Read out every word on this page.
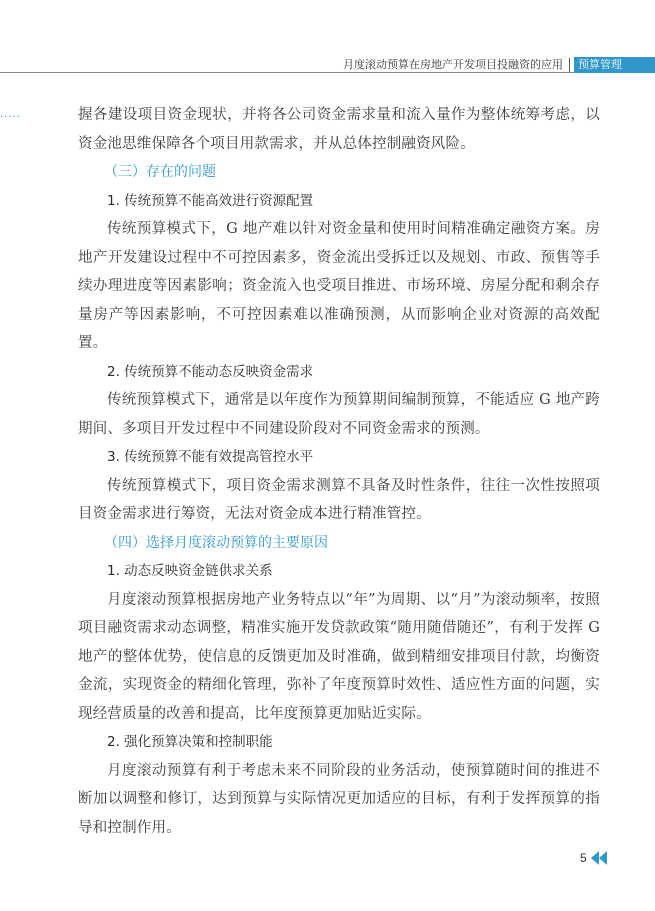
月度滚动预算在房地产开发项目投融资的应用	预算管理
·····	握各建设项目资金现状，并将各公司资金需求量和流入量作为整体统筹考虑，以资金池思维保障各个项目用款需求，并从总体控制融资风险。

（三）存在的问题

1. 传统预算不能高效进行资源配置

传统预算模式下，G 地产难以针对资金量和使用时间精准确定融资方案。房地产开发建设过程中不可控因素多，资金流出受拆迁以及规划、市政、预售等手续办理进度等因素影响；资金流入也受项目推进、市场环境、房屋分配和剩余存量房产等因素影响，不可控因素难以准确预测，从而影响企业对资源的高效配置。

2. 传统预算不能动态反映资金需求

传统预算模式下，通常是以年度作为预算期间编制预算，不能适应 G 地产跨期间、多项目开发过程中不同建设阶段对不同资金需求的预测。

3. 传统预算不能有效提高管控水平

传统预算模式下，项目资金需求测算不具备及时性条件，往往一次性按照项目资金需求进行筹资，无法对资金成本进行精准管控。

（四）选择月度滚动预算的主要原因

1. 动态反映资金链供求关系

月度滚动预算根据房地产业务特点以“年”为周期、以“月”为滚动频率，按照项目融资需求动态调整，精准实施开发贷款政策“随用随借随还”，有利于发挥 G 地产的整体优势，使信息的反馈更加及时准确，做到精细安排项目付款，均衡资金流，实现资金的精细化管理，弥补了年度预算时效性、适应性方面的问题，实现经营质量的改善和提高，比年度预算更加贴近实际。

2. 强化预算决策和控制职能

月度滚动预算有利于考虑未来不同阶段的业务活动，使预算随时间的推进不断加以调整和修订，达到预算与实际情况更加适应的目标，有利于发挥预算的指导和控制作用。

5
